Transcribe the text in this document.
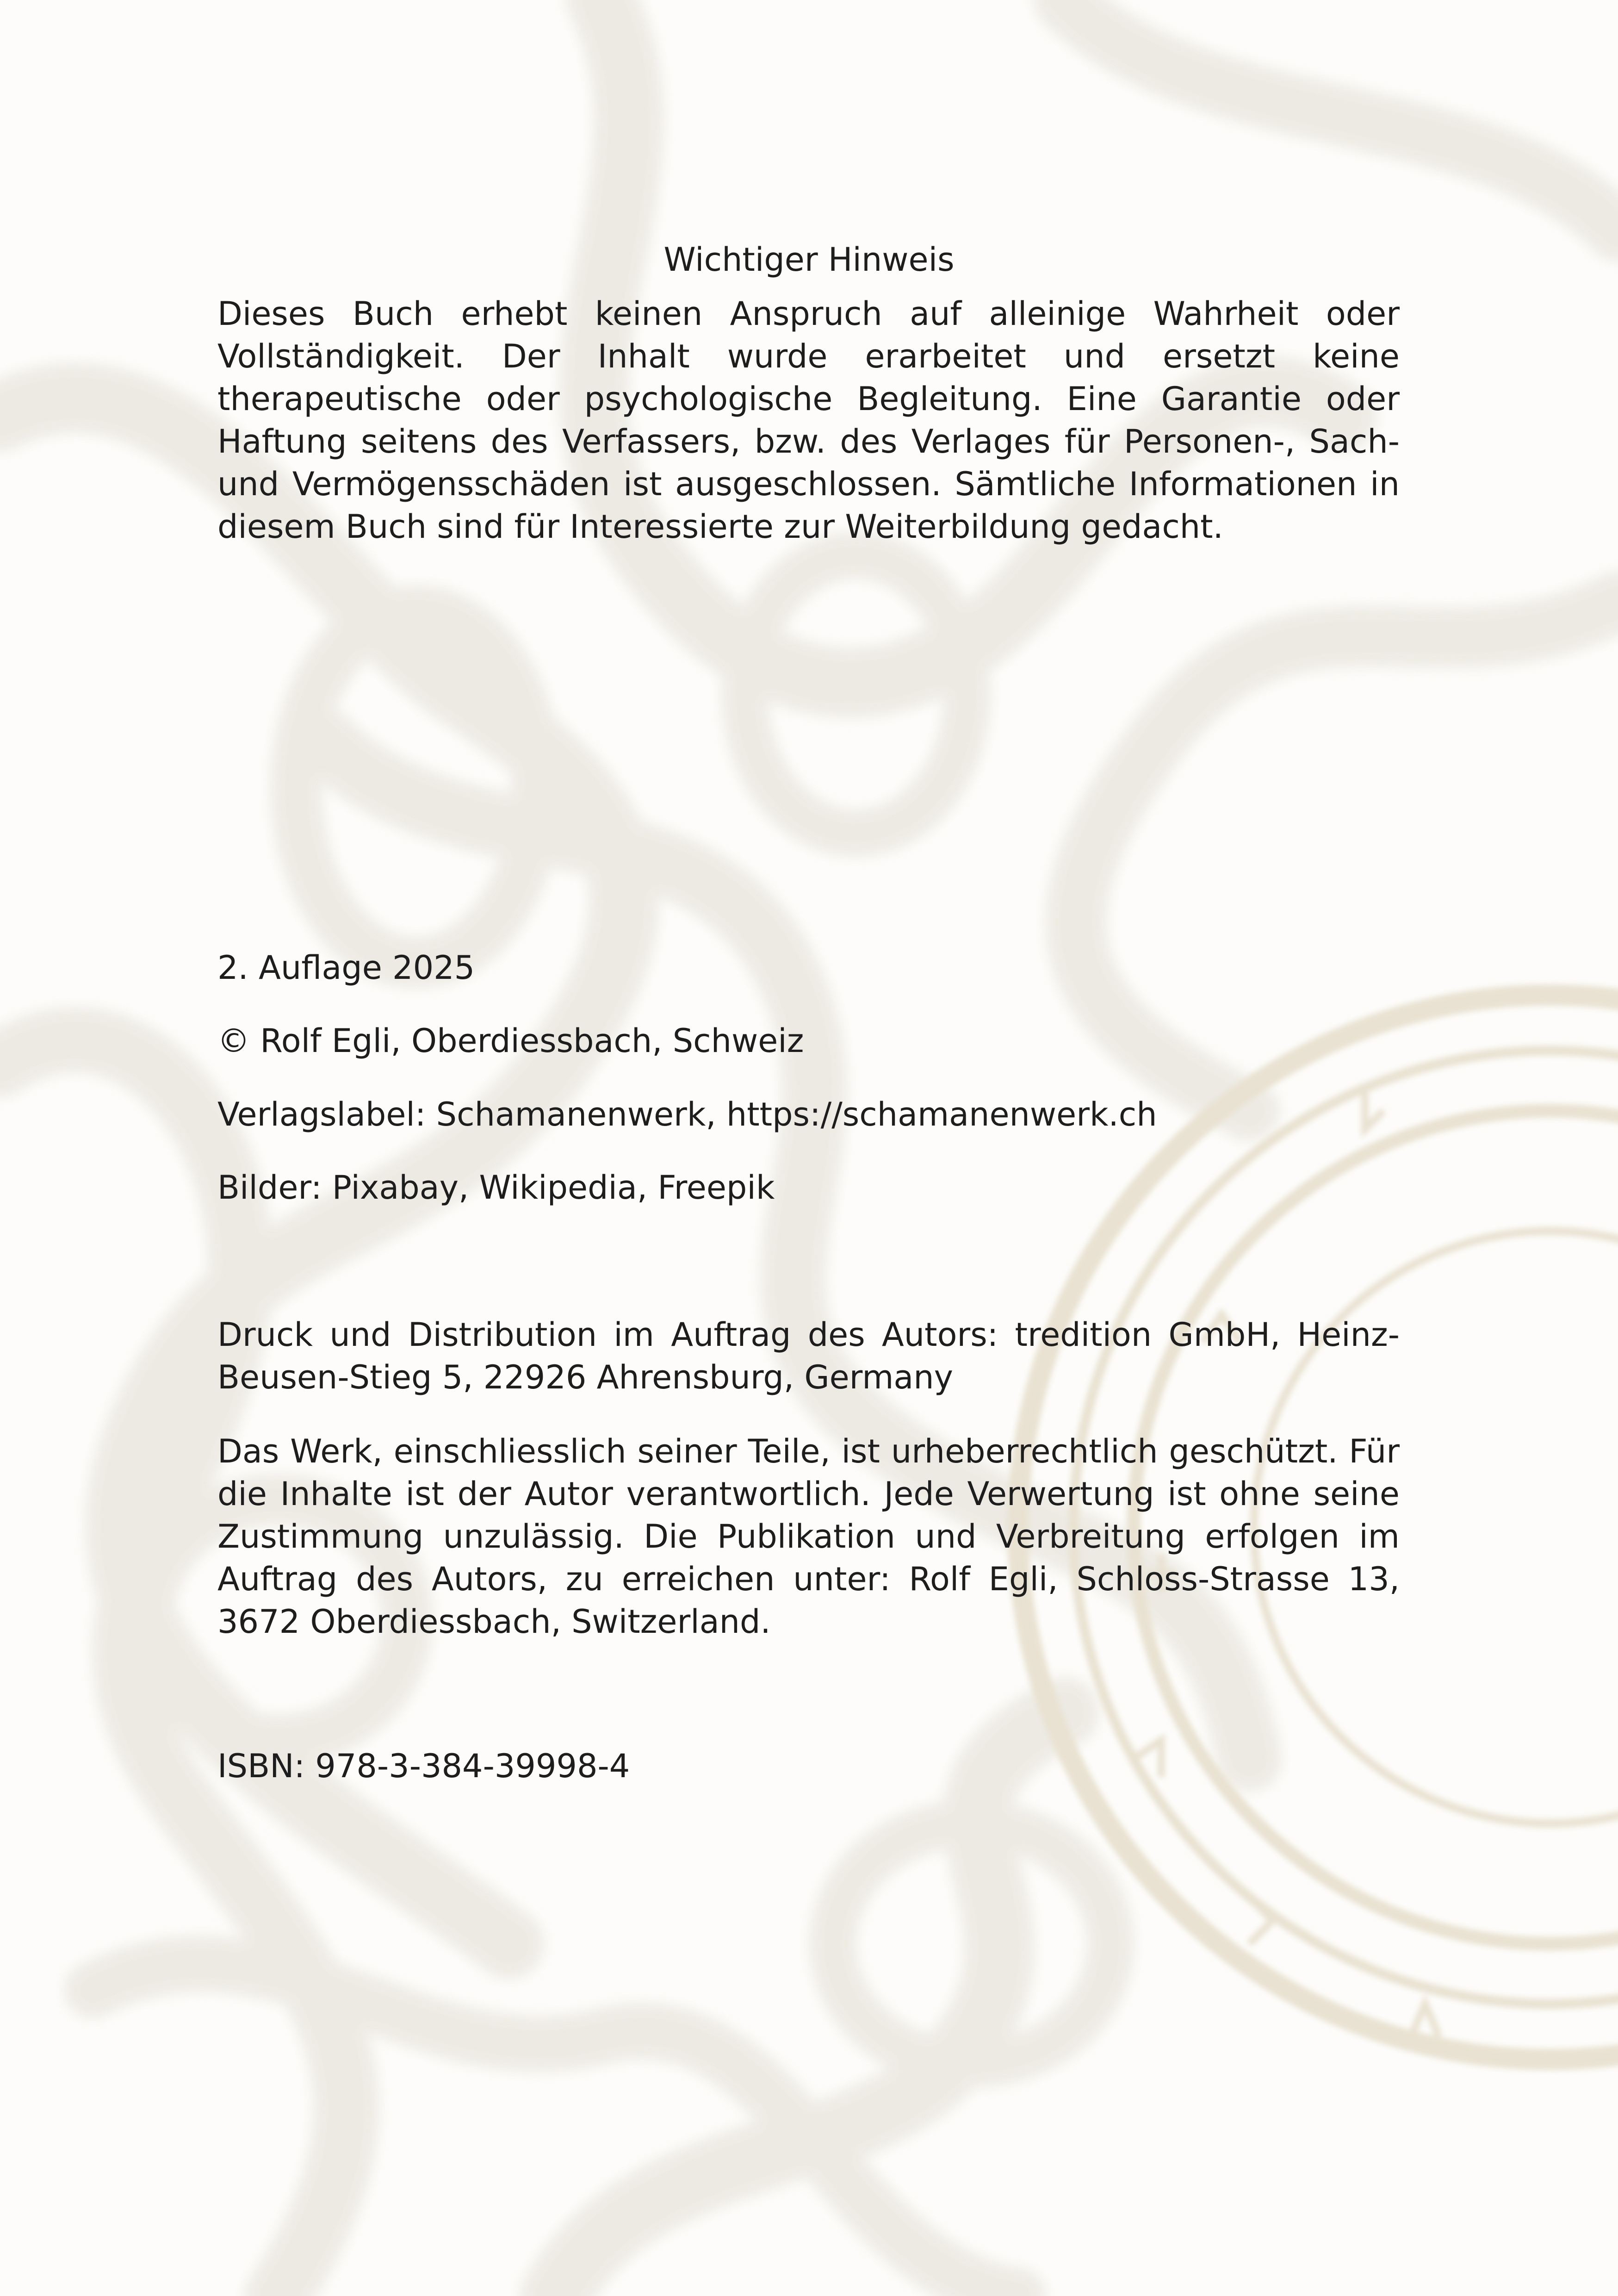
Wichtiger Hinweis

Dieses Buch erhebt keinen Anspruch auf alleinige Wahrheit oder Vollständigkeit. Der Inhalt wurde erarbeitet und ersetzt keine therapeutische oder psychologische Begleitung. Eine Garantie oder Haftung seitens des Verfassers, bzw. des Verlages für Personen-, Sach- und Vermögensschäden ist ausgeschlossen. Sämtliche Informationen in diesem Buch sind für Interessierte zur Weiterbildung gedacht.

2. Auflage 2025

© Rolf Egli, Oberdiessbach, Schweiz

Verlagslabel: Schamanenwerk, https://schamanenwerk.ch

Bilder: Pixabay, Wikipedia, Freepik

Druck und Distribution im Auftrag des Autors: tredition GmbH, Heinz-Beusen-Stieg 5, 22926 Ahrensburg, Germany

Das Werk, einschliesslich seiner Teile, ist urheberrechtlich geschützt. Für die Inhalte ist der Autor verantwortlich. Jede Verwertung ist ohne seine Zustimmung unzulässig. Die Publikation und Verbreitung erfolgen im Auftrag des Autors, zu erreichen unter: Rolf Egli, Schloss-Strasse 13, 3672 Oberdiessbach, Switzerland.

ISBN: 978-3-384-39998-4
